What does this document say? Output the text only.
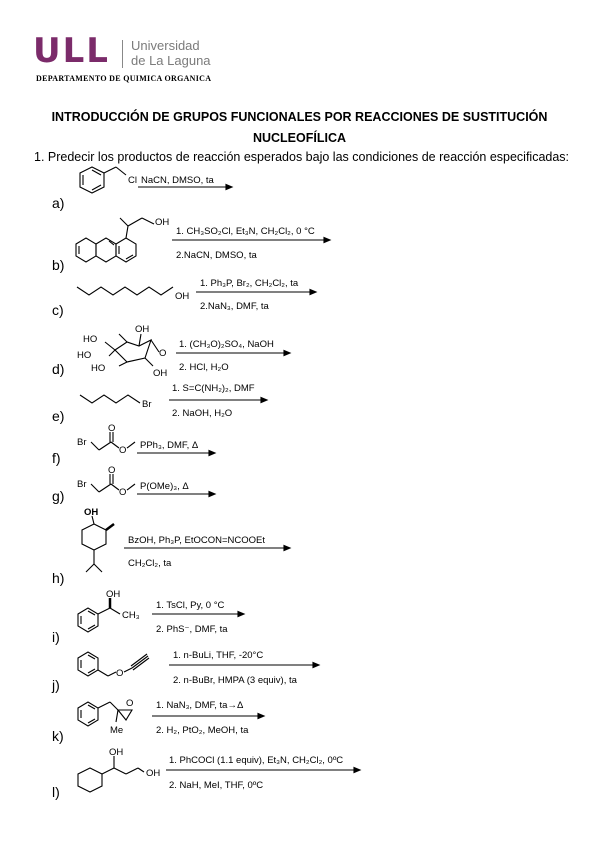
ULL Universidad
de La Laguna
DEPARTAMENTO DE QUIMICA ORGANICA
INTRODUCCIÓN DE GRUPOS FUNCIONALES POR REACCIONES DE SUSTITUCIÓN
NUCLEOFÍLICA
1. Predecir los productos de reacción esperados bajo las condiciones de reacción especificadas:
a)
Cl NaCN, DMSO, ta
b)
OH
1. CH₃SO₂Cl, Et₃N, CH₂Cl₂, 0 °C
2.NaCN, DMSO, ta
c)
OH
1. Ph₃P, Br₂, CH₂Cl₂, ta
2.NaN₃, DMF, ta
d)
HO
HO
HO
OH
OH
O
1. (CH₃O)₂SO₄, NaOH
2. HCl, H₂O
e)
Br
1. S=C(NH₂)₂, DMF
2. NaOH, H₂O
f)
Br
O
O PPh₃, DMF, Δ
g)
Br
O
O
P(OMe)₃, Δ
h)
OH
BzOH, Ph₃P, EtOCON=NCOOEt
CH₂Cl₂, ta
i)
OH
CH₃
1. TsCl, Py, 0 °C
2. PhS⁻, DMF, ta
j)
O
1. n-BuLi, THF, -20°C
2. n-BuBr, HMPA (3 equiv), ta
k)
O
Me
1. NaN₃, DMF, ta→Δ
2. H₂, PtO₂, MeOH, ta
l)
OH
OH
1. PhCOCl (1.1 equiv), Et₃N, CH₂Cl₂, 0ºC
2. NaH, MeI, THF, 0ºC
